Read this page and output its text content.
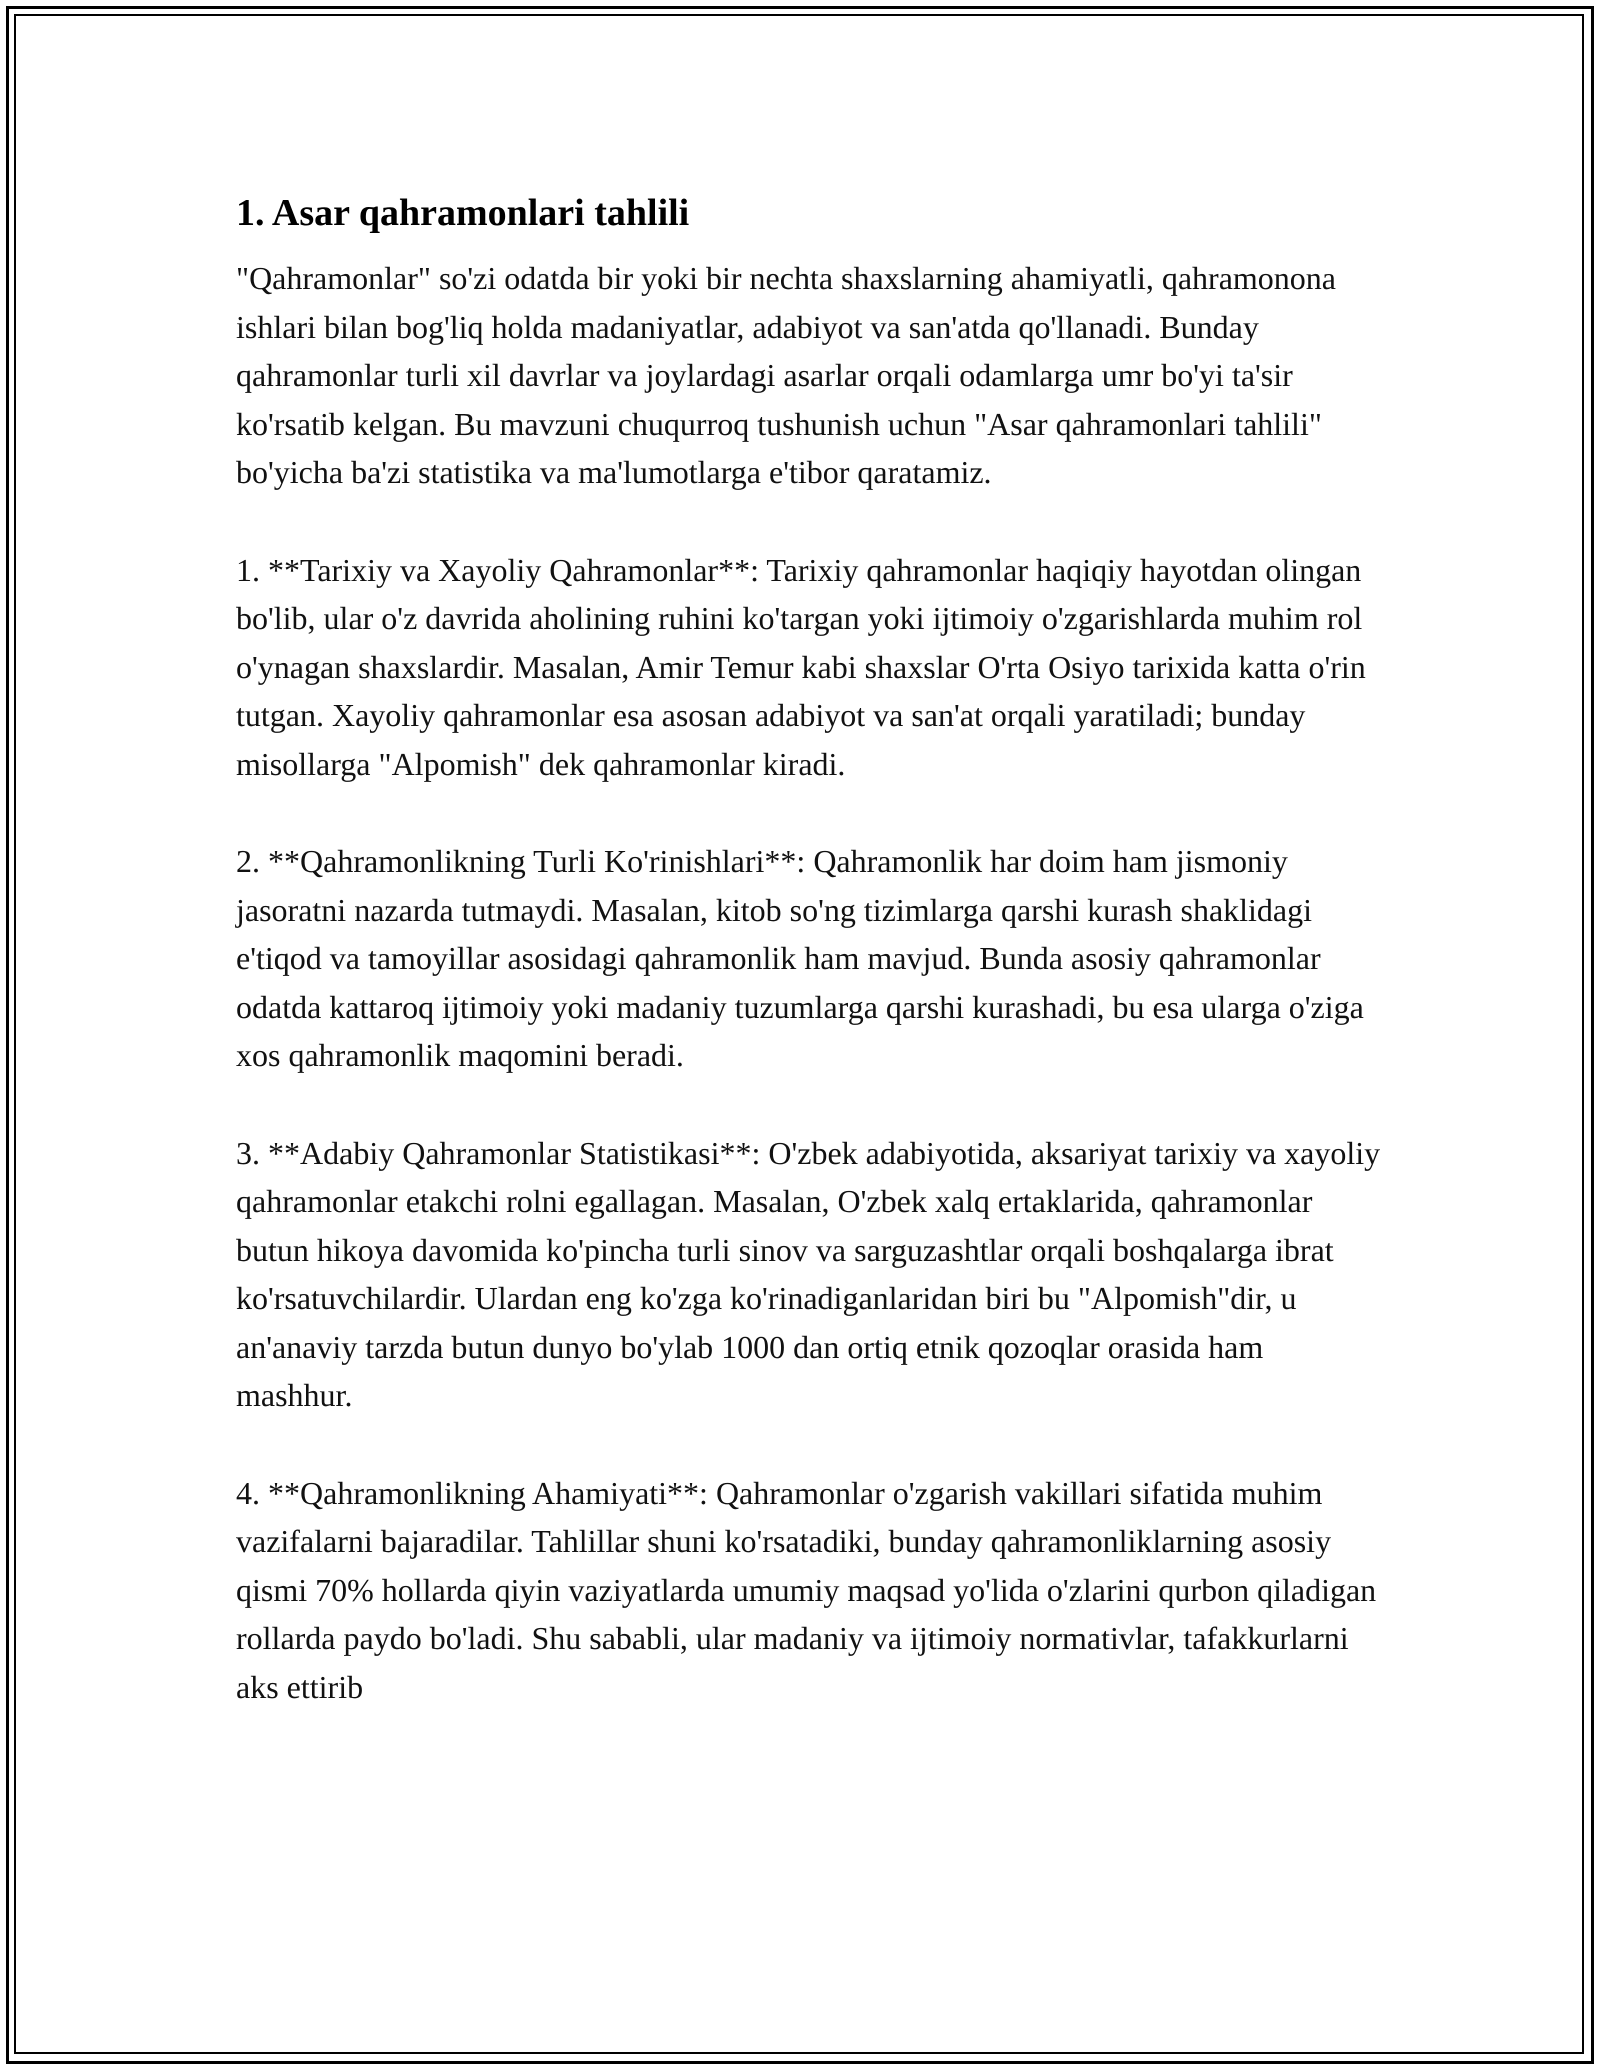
1. Asar qahramonlari tahlili

"Qahramonlar" so'zi odatda bir yoki bir nechta shaxslarning ahamiyatli, qahramonona ishlari bilan bog'liq holda madaniyatlar, adabiyot va san'atda qo'llanadi. Bunday qahramonlar turli xil davrlar va joylardagi asarlar orqali odamlarga umr bo'yi ta'sir ko'rsatib kelgan. Bu mavzuni chuqurroq tushunish uchun "Asar qahramonlari tahlili" bo'yicha ba'zi statistika va ma'lumotlarga e'tibor qaratamiz.

1. **Tarixiy va Xayoliy Qahramonlar**: Tarixiy qahramonlar haqiqiy hayotdan olingan bo'lib, ular o'z davrida aholining ruhini ko'targan yoki ijtimoiy o'zgarishlarda muhim rol o'ynagan shaxslardir. Masalan, Amir Temur kabi shaxslar O'rta Osiyo tarixida katta o'rin tutgan. Xayoliy qahramonlar esa asosan adabiyot va san'at orqali yaratiladi; bunday misollarga "Alpomish" dek qahramonlar kiradi.

2. **Qahramonlikning Turli Ko'rinishlari**: Qahramonlik har doim ham jismoniy jasoratni nazarda tutmaydi. Masalan, kitob so'ng tizimlarga qarshi kurash shaklidagi e'tiqod va tamoyillar asosidagi qahramonlik ham mavjud. Bunda asosiy qahramonlar odatda kattaroq ijtimoiy yoki madaniy tuzumlarga qarshi kurashadi, bu esa ularga o'ziga xos qahramonlik maqomini beradi.

3. **Adabiy Qahramonlar Statistikasi**: O'zbek adabiyotida, aksariyat tarixiy va xayoliy qahramonlar etakchi rolni egallagan. Masalan, O'zbek xalq ertaklarida, qahramonlar butun hikoya davomida ko'pincha turli sinov va sarguzashtlar orqali boshqalarga ibrat ko'rsatuvchilardir. Ulardan eng ko'zga ko'rinadiganlaridan biri bu "Alpomish"dir, u an'anaviy tarzda butun dunyo bo'ylab 1000 dan ortiq etnik qozoqlar orasida ham mashhur.

4. **Qahramonlikning Ahamiyati**: Qahramonlar o'zgarish vakillari sifatida muhim vazifalarni bajaradilar. Tahlillar shuni ko'rsatadiki, bunday qahramonliklarning asosiy qismi 70% hollarda qiyin vaziyatlarda umumiy maqsad yo'lida o'zlarini qurbon qiladigan rollarda paydo bo'ladi. Shu sababli, ular madaniy va ijtimoiy normativlar, tafakkurlarni aks ettirib
